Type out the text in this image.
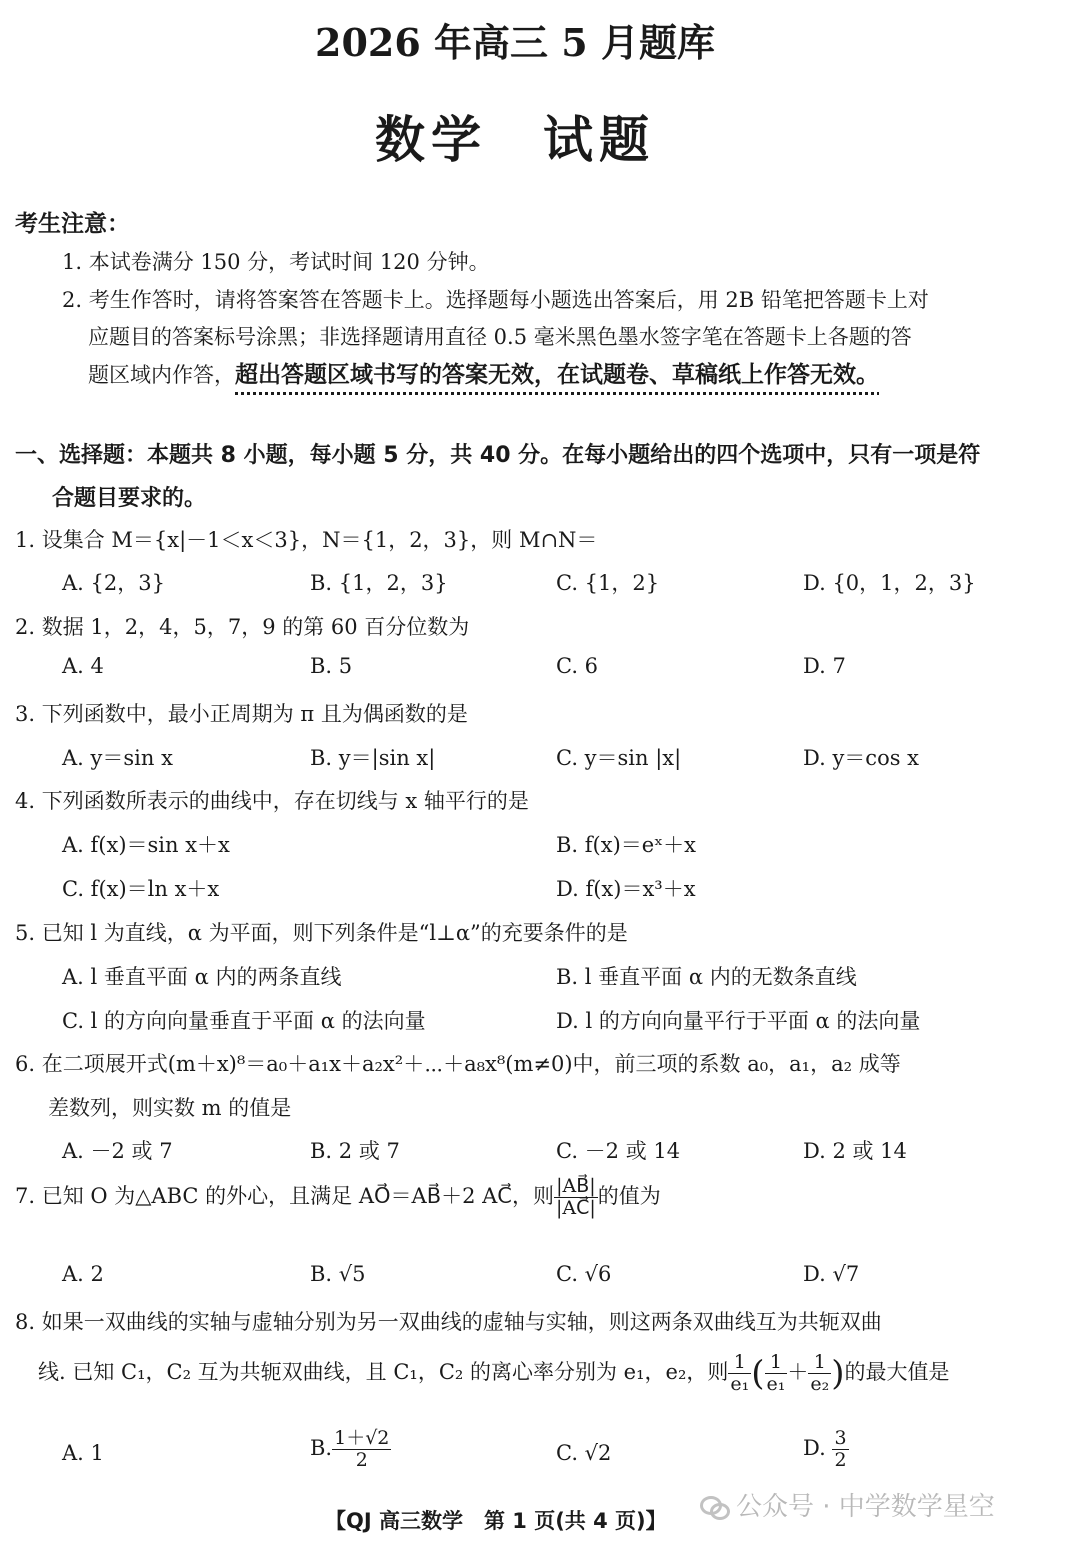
2026 年高三 5 月题库
数学　试题
考生注意：
1. 本试卷满分 150 分，考试时间 120 分钟。
2. 考生作答时，请将答案答在答题卡上。选择题每小题选出答案后，用 2B 铅笔把答题卡上对
应题目的答案标号涂黑；非选择题请用直径 0.5 毫米黑色墨水签字笔在答题卡上各题的答
题区域内作答，超出答题区域书写的答案无效，在试题卷、草稿纸上作答无效。
一、选择题：本题共 8 小题，每小题 5 分，共 40 分。在每小题给出的四个选项中，只有一项是符
合题目要求的。
1. 设集合 M＝{x|－1＜x＜3}，N＝{1，2，3}，则 M∩N＝
A. {2，3}	B. {1，2，3}	C. {1，2}	D. {0，1，2，3}
2. 数据 1，2，4，5，7，9 的第 60 百分位数为
A. 4	B. 5	C. 6	D. 7
3. 下列函数中，最小正周期为 π 且为偶函数的是
A. y＝sin x	B. y＝|sin x|	C. y＝sin |x|	D. y＝cos x
4. 下列函数所表示的曲线中，存在切线与 x 轴平行的是
A. f(x)＝sin x＋x	B. f(x)＝eˣ＋x
C. f(x)＝ln x＋x	D. f(x)＝x³＋x
5. 已知 l 为直线，α 为平面，则下列条件是“l⊥α”的充要条件的是
A. l 垂直平面 α 内的两条直线	B. l 垂直平面 α 内的无数条直线
C. l 的方向向量垂直于平面 α 的法向量	D. l 的方向向量平行于平面 α 的法向量
6. 在二项展开式(m＋x)⁸＝a₀＋a₁x＋a₂x²＋⋯＋a₈x⁸(m≠0)中，前三项的系数 a₀，a₁，a₂ 成等
差数列，则实数 m 的值是
A. －2 或 7	B. 2 或 7	C. －2 或 14	D. 2 或 14
7. 已知 O 为△ABC 的外心，且满足 AO⃗＝AB⃗＋2 AC⃗，则 $\frac{|AB⃗|}{|AC⃗|}$ 的值为
A. 2	B. √5	C. √6	D. √7
8. 如果一双曲线的实轴与虚轴分别为另一双曲线的虚轴与实轴，则这两条双曲线互为共轭双曲
线. 已知 C₁，C₂ 互为共轭双曲线，且 C₁，C₂ 的离心率分别为 e₁，e₂，则 $\frac{1}{\text{e₁}}$ ( $\frac{1}{\text{e₁}} + \frac{1}{\text{e₂}}$ )的最大值是
A. 1	B. $\frac{1+√2}{2}$	C. √2	D. $\frac{3}{2}$
【QJ 高三数学　第 1 页(共 4 页)】	公众号 · 中学数学星空
